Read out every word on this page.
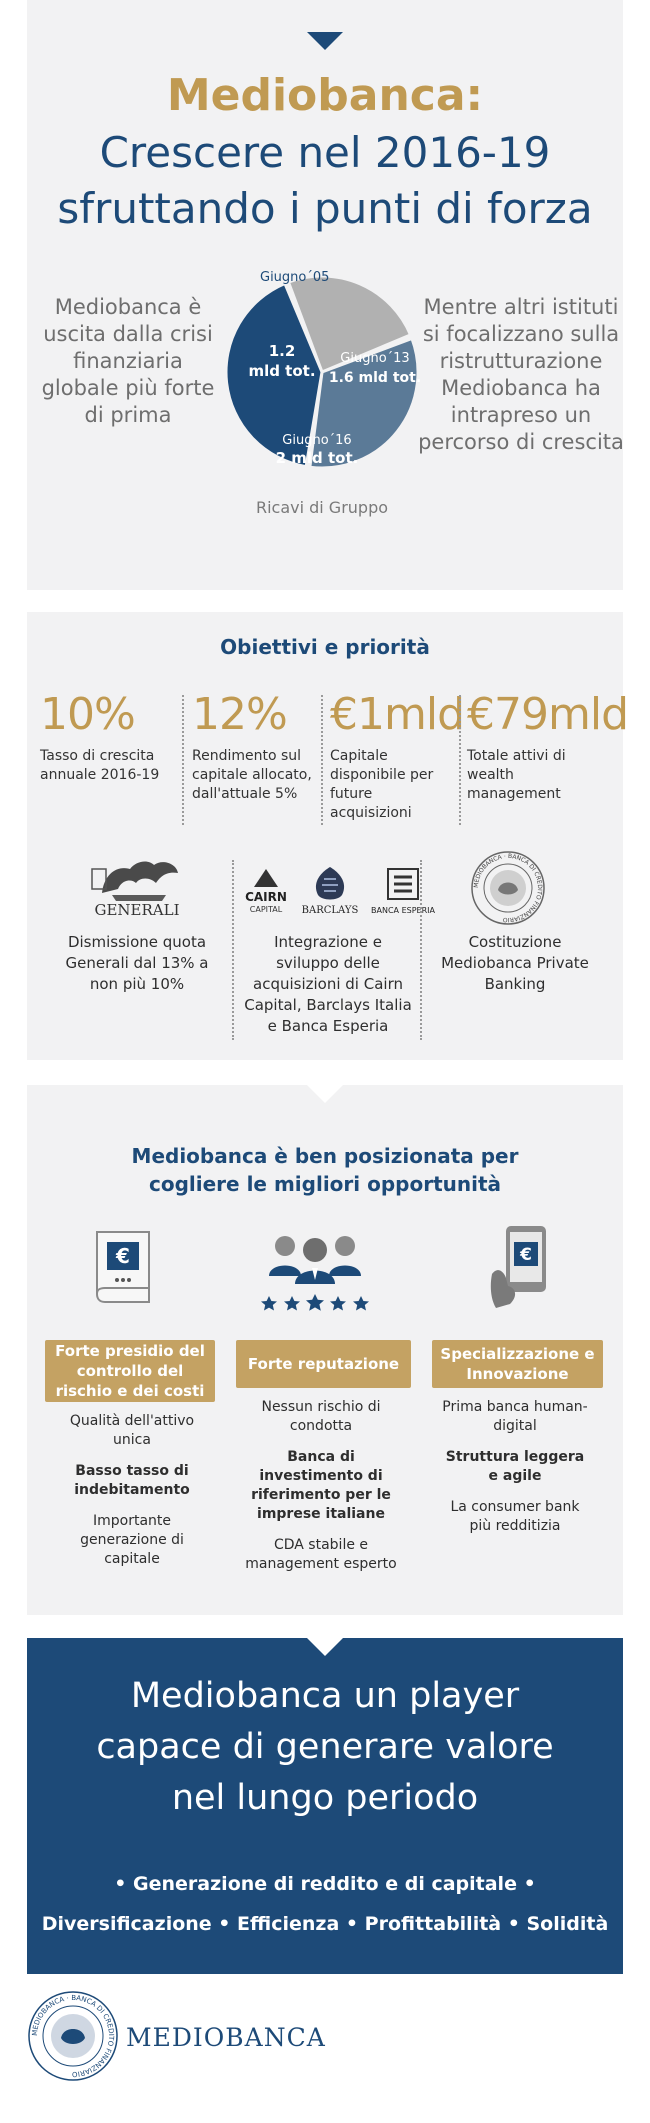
Mediobanca:
Crescere nel 2016-19
sfruttando i punti di forza
Mediobanca è uscita dalla crisi finanziaria globale più forte di prima
Mentre altri istituti si focalizzano sulla ristrutturazione Mediobanca ha intrapreso un percorso di crescita
Giugno´05
1.2
mld tot.
Giugno´13
1.6 mld tot.
Giugno´16
2 mld tot.
Ricavi di Gruppo
Obiettivi e priorità
10%
Tasso di crescita annuale 2016-19
12%
Rendimento sul capitale allocato, dall'attuale 5%
€1mld
Capitale disponibile per future acquisizioni
€79mld
Totale attivi di wealth management
GENERALI
CAIRN
CAPITAL BARCLAYS BANCA ESPERIA
MEDIOBANCA · BANCA DI CREDITO FINANZIARIO
Dismissione quota Generali dal 13% a non più 10%
Integrazione e sviluppo delle acquisizioni di Cairn Capital, Barclays Italia e Banca Esperia
Costituzione Mediobanca Private Banking
Mediobanca è ben posizionata per
cogliere le migliori opportunità
€	€
Forte presidio del controllo del rischio e dei costi
Forte reputazione
Specializzazione e Innovazione

Qualità dell'attivo unica

Basso tasso di indebitamento

Importante generazione di capitale

Nessun rischio di condotta

Banca di investimento di riferimento per le imprese italiane

CDA stabile e management esperto

Prima banca human-digital

Struttura leggera e agile

La consumer bank più redditizia

Mediobanca un player
capace di generare valore
nel lungo periodo
• Generazione di reddito e di capitale •
Diversificazione • Efficienza • Profittabilità • Solidità
MEDIOBANCA · BANCA DI CREDITO FINANZIARIO
MEDIOBANCA
